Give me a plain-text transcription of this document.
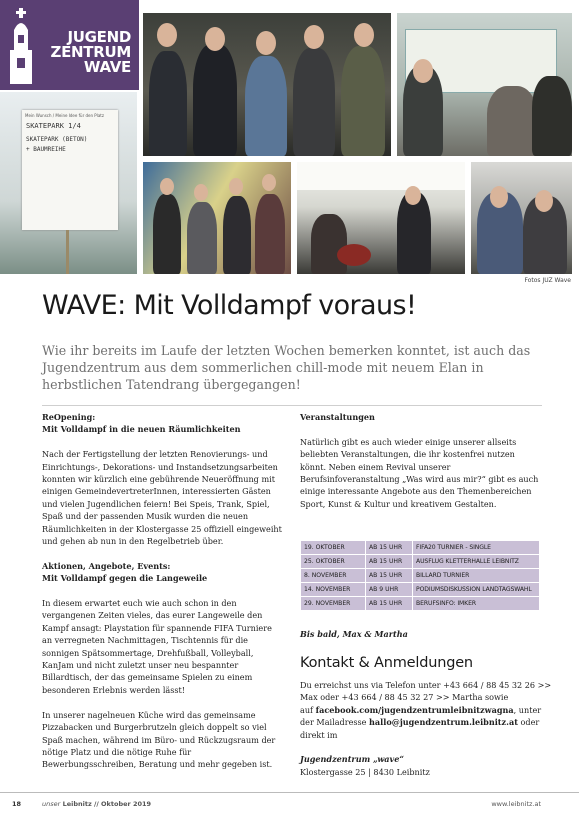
JUGEND
ZENTRUM
WAVE
Mein Wunsch / Meine Idee für den Platz
SKATEPARK 1/4
SKATEPARK (BETON)
+ BAUMREIHE
Fotos JUZ Wave
WAVE: Mit Volldampf voraus!
Wie ihr bereits im Laufe der letzten Wochen bemerken konntet, ist auch das Jugendzentrum aus dem sommerlichen chill-mode mit neuem Elan in herbstlichen Tatendrang übergegangen!
ReOpening:
Mit Volldampf in die neuen Räumlichkeiten

Nach der Fertigstellung der letzten Renovierungs- und Einrichtungs-, Dekorations- und Instandsetzungsarbeiten konnten wir kürzlich eine gebührende Neueröffnung mit einigen GemeindevertreterInnen, interessierten Gästen und vielen Jugendlichen feiern! Bei Speis, Trank, Spiel, Spaß und der passenden Musik wurden die neuen Räumlichkeiten in der Klostergasse 25 offiziell eingeweiht und gehen ab nun in den Regelbetrieb über.

Aktionen, Angebote, Events:
Mit Volldampf gegen die Langeweile

In diesem erwartet euch wie auch schon in den vergangenen Zeiten vieles, das eurer Langeweile den Kampf ansagt: Playstation für spannende FIFA Turniere an verregneten Nachmittagen, Tischtennis für die sonnigen Spätsommertage, Drehfußball, Volleyball, KanJam und nicht zuletzt unser neu bespannter Billardtisch, der das gemeinsame Spielen zu einem besonderen Erlebnis werden lässt!

In unserer nagelneuen Küche wird das gemeinsame Pizzabacken und Burgerbrutzeln gleich doppelt so viel Spaß machen, während im Büro- und Rückzugsraum der nötige Platz und die nötige Ruhe für Bewerbungsschreiben, Beratung und mehr gegeben ist.

Veranstaltungen

Natürlich gibt es auch wieder einige unserer allseits beliebten Veranstaltungen, die ihr kostenfrei nutzen könnt. Neben einem Revival unserer Berufsinfoveranstaltung „Was wird aus mir?“ gibt es auch einige interessante Angebote aus den Themenbereichen Sport, Kunst & Kultur und kreativem Gestalten.

19. OKTOBER	AB 15 UHR	FIFA20 TURNIER - SINGLE
25. OKTOBER	AB 15 UHR	AUSFLUG KLETTERHALLE LEIBNITZ
8. NOVEMBER	AB 15 UHR	BILLARD TURNIER
14. NOVEMBER	AB 9 UHR	PODIUMSDISKUSSION LANDTAGSWAHL
29. NOVEMBER	AB 15 UHR	BERUFSINFO: IMKER
Bis bald, Max & Martha
Kontakt & Anmeldungen
Du erreichst uns via Telefon unter +43 664 / 88 45 32 26 >>
Max oder +43 664 / 88 45 32 27 >> Martha sowie
auf facebook.com/jugendzentrumleibnitzwagna, unter
der Mailadresse hallo@jugendzentrum.leibnitz.at oder
direkt im
Jugendzentrum „wave“
Klostergasse 25 | 8430 Leibnitz
18	unser Leibnitz // Oktober 2019	www.leibnitz.at
